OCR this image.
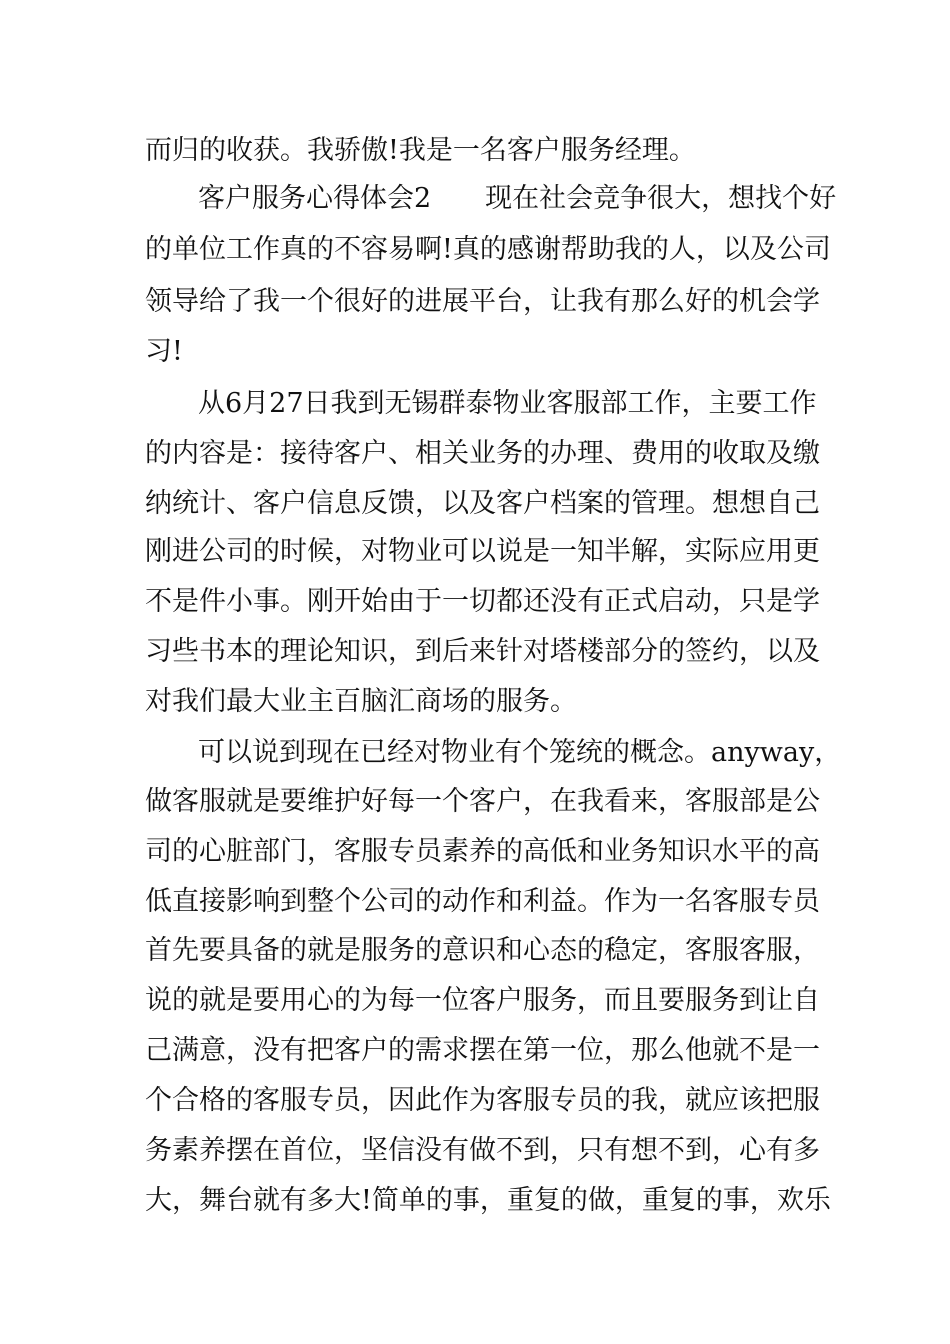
而归的收获。我骄傲!我是一名客户服务经理。
客户服务心得体会2　　现在社会竞争很大，想找个好
的单位工作真的不容易啊!真的感谢帮助我的人，以及公司
领导给了我一个很好的进展平台，让我有那么好的机会学
习!
从6月27日我到无锡群泰物业客服部工作，主要工作
的内容是：接待客户、相关业务的办理、费用的收取及缴
纳统计、客户信息反馈，以及客户档案的管理。想想自己
刚进公司的时候，对物业可以说是一知半解，实际应用更
不是件小事。刚开始由于一切都还没有正式启动，只是学
习些书本的理论知识，到后来针对塔楼部分的签约，以及
对我们最大业主百脑汇商场的服务。
可以说到现在已经对物业有个笼统的概念。anyway，
做客服就是要维护好每一个客户，在我看来，客服部是公
司的心脏部门，客服专员素养的高低和业务知识水平的高
低直接影响到整个公司的动作和利益。作为一名客服专员
首先要具备的就是服务的意识和心态的稳定，客服客服，
说的就是要用心的为每一位客户服务，而且要服务到让自
己满意，没有把客户的需求摆在第一位，那么他就不是一
个合格的客服专员，因此作为客服专员的我，就应该把服
务素养摆在首位，坚信没有做不到，只有想不到，心有多
大，舞台就有多大!简单的事，重复的做，重复的事，欢乐
